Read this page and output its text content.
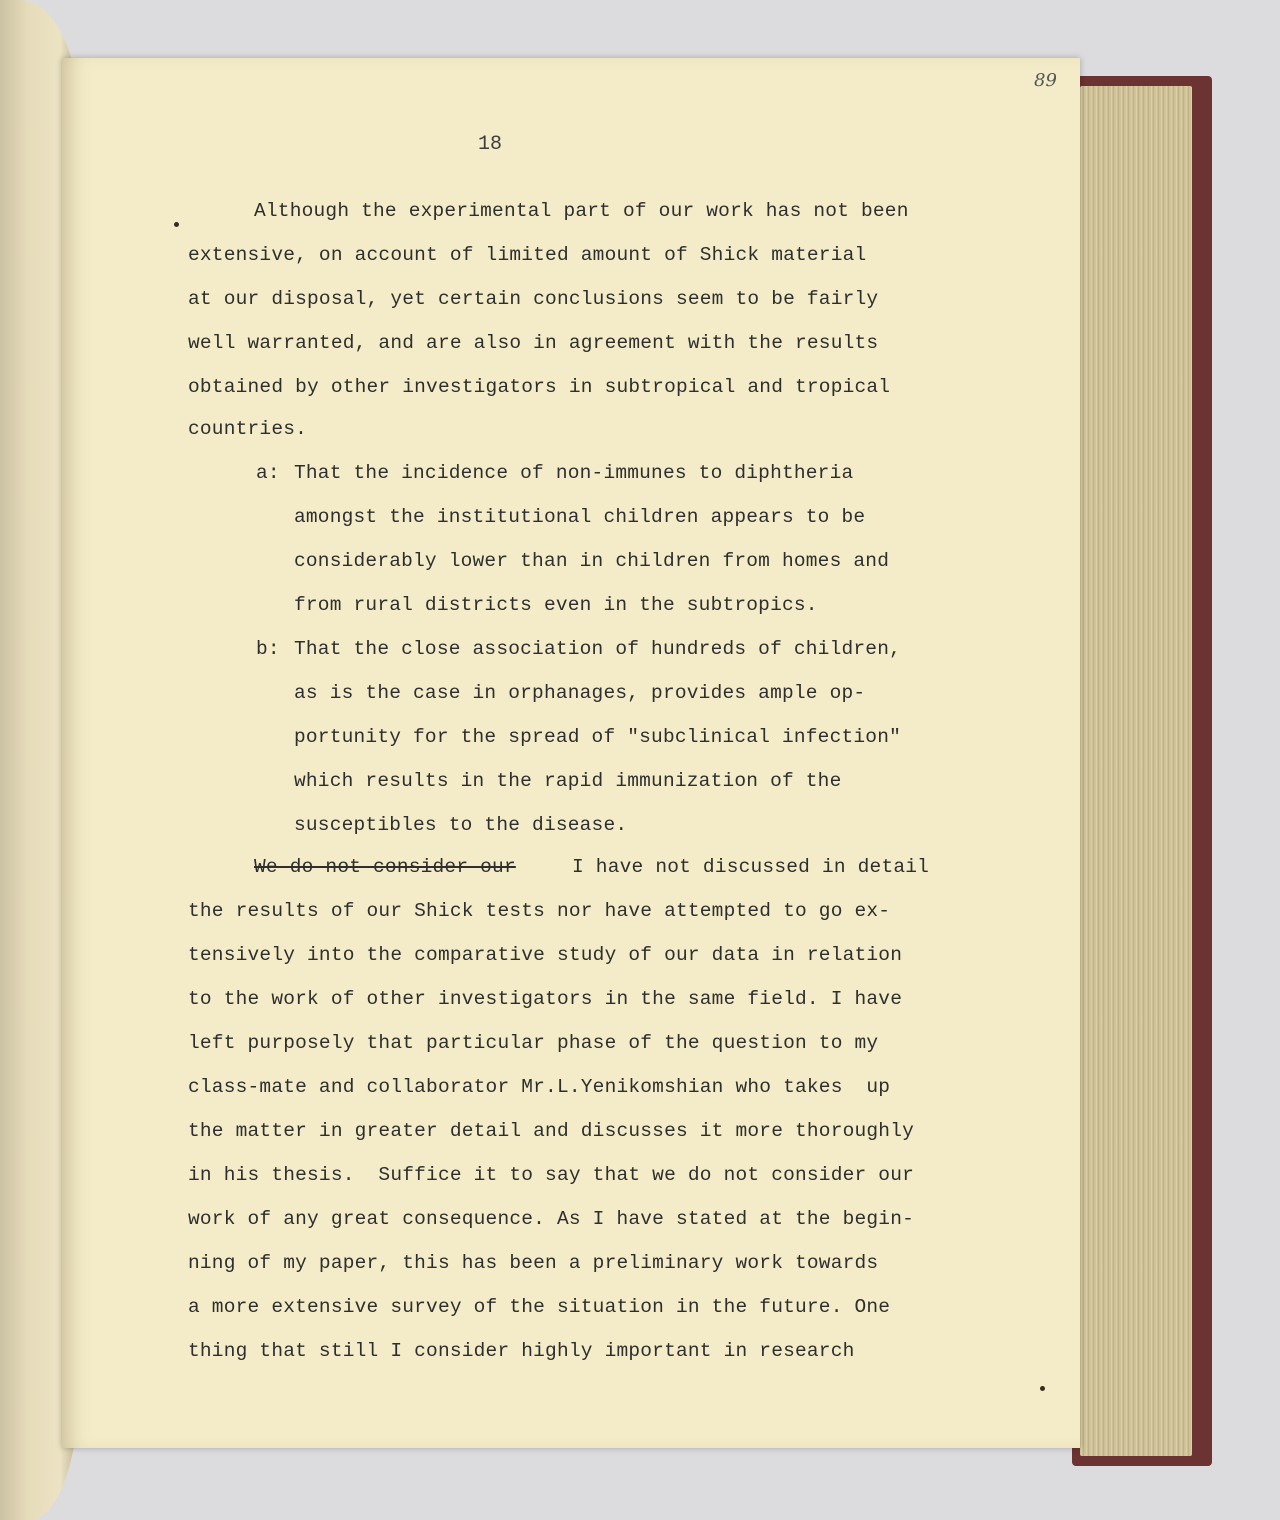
89
18
Although the experimental part of our work has not been
extensive, on account of limited amount of Shick material
at our disposal, yet certain conclusions seem to be fairly
well warranted, and are also in agreement with the results
obtained by other investigators in subtropical and tropical
countries.
a: That the incidence of non-immunes to diphtheria
amongst the institutional children appears to be
considerably lower than in children from homes and
from rural districts even in the subtropics.
b: That the close association of hundreds of children,
as is the case in orphanages, provides ample op-
portunity for the spread of "subclinical infection"
which results in the rapid immunization of the
susceptibles to the disease.
We do not consider our	I have not discussed in detail
the results of our Shick tests nor have attempted to go ex-
tensively into the comparative study of our data in relation
to the work of other investigators in the same field. I have
left purposely that particular phase of the question to my
class-mate and collaborator Mr.L.Yenikomshian who takes  up
the matter in greater detail and discusses it more thoroughly
in his thesis.  Suffice it to say that we do not consider our
work of any great consequence. As I have stated at the begin-
ning of my paper, this has been a preliminary work towards
a more extensive survey of the situation in the future. One
thing that still I consider highly important in research
